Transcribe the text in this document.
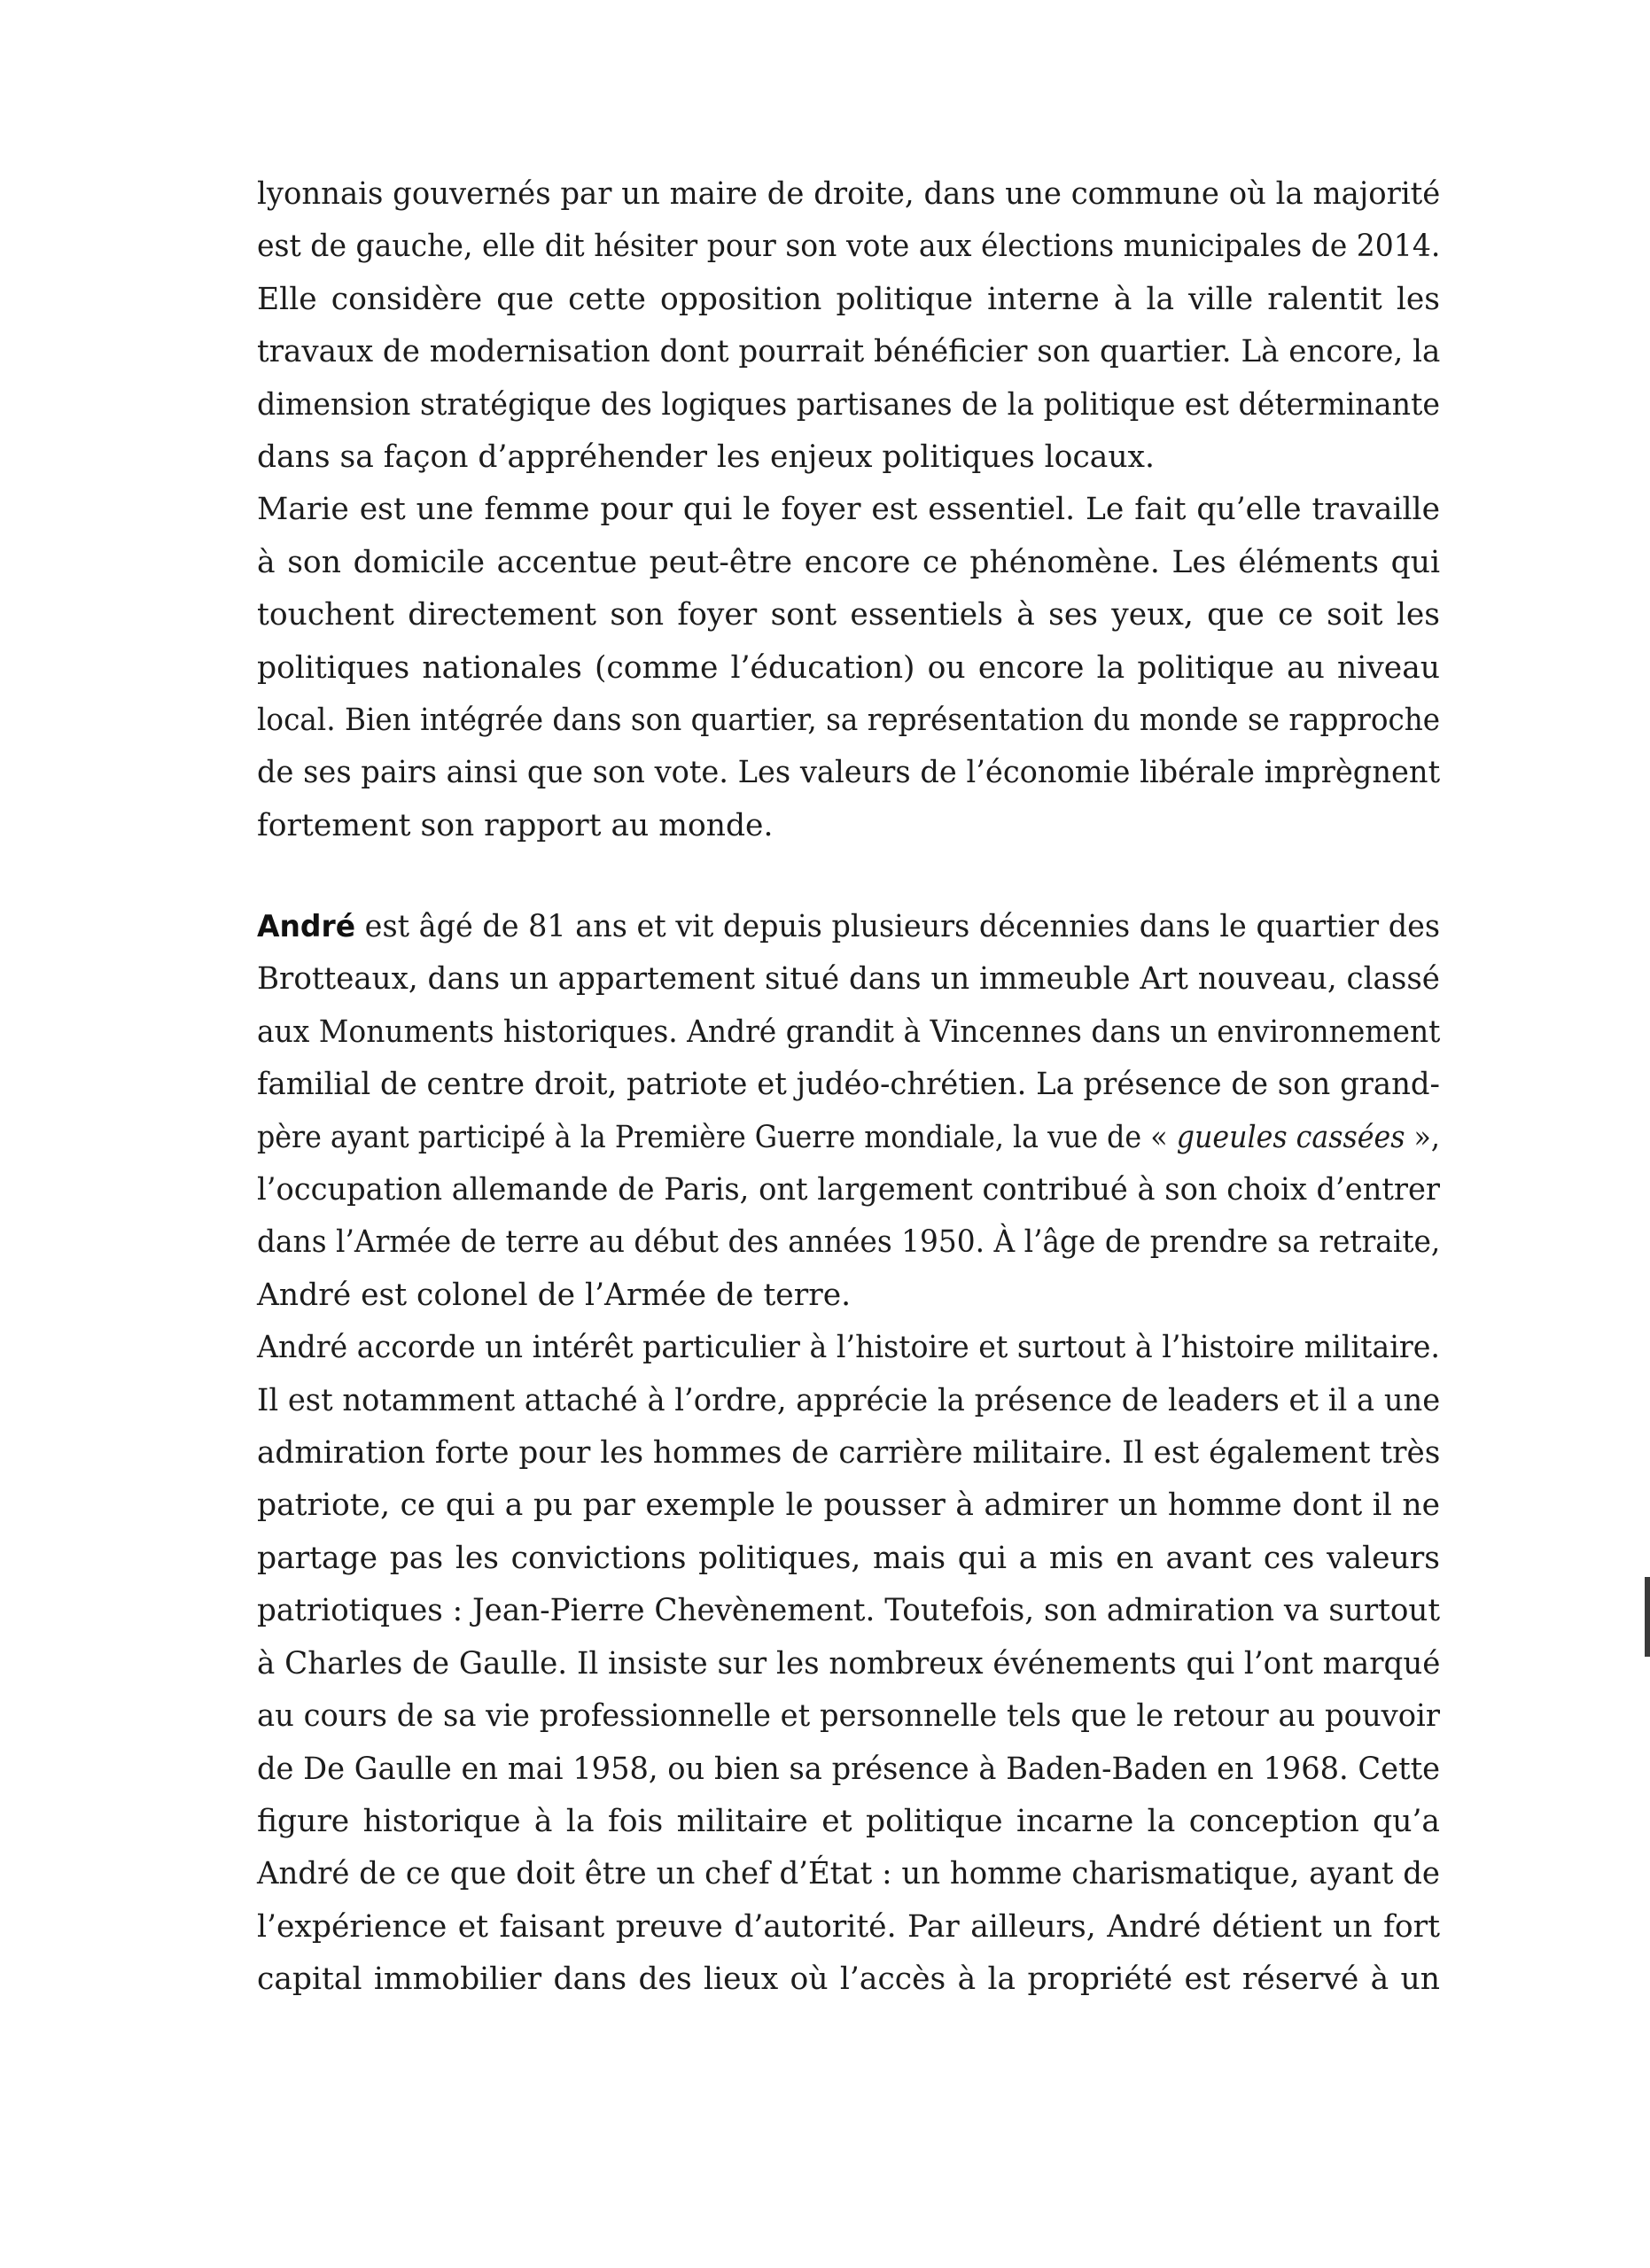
lyonnais gouvernés par un maire de droite, dans une commune où la majorité
est de gauche, elle dit hésiter pour son vote aux élections municipales de 2014.
Elle considère que cette opposition politique interne à la ville ralentit les
travaux de modernisation dont pourrait bénéficier son quartier. Là encore, la
dimension stratégique des logiques partisanes de la politique est déterminante
dans sa façon d’appréhender les enjeux politiques locaux.
Marie est une femme pour qui le foyer est essentiel. Le fait qu’elle travaille
à son domicile accentue peut-être encore ce phénomène. Les éléments qui
touchent directement son foyer sont essentiels à ses yeux, que ce soit les
politiques nationales (comme l’éducation) ou encore la politique au niveau
local. Bien intégrée dans son quartier, sa représentation du monde se rapproche
de ses pairs ainsi que son vote. Les valeurs de l’économie libérale imprègnent
fortement son rapport au monde.
André est âgé de 81 ans et vit depuis plusieurs décennies dans le quartier des
Brotteaux, dans un appartement situé dans un immeuble Art nouveau, classé
aux Monuments historiques. André grandit à Vincennes dans un environnement
familial de centre droit, patriote et judéo-chrétien. La présence de son grand-
père ayant participé à la Première Guerre mondiale, la vue de « gueules cassées »,
l’occupation allemande de Paris, ont largement contribué à son choix d’entrer
dans l’Armée de terre au début des années 1950. À l’âge de prendre sa retraite,
André est colonel de l’Armée de terre.
André accorde un intérêt particulier à l’histoire et surtout à l’histoire militaire.
Il est notamment attaché à l’ordre, apprécie la présence de leaders et il a une
admiration forte pour les hommes de carrière militaire. Il est également très
patriote, ce qui a pu par exemple le pousser à admirer un homme dont il ne
partage pas les convictions politiques, mais qui a mis en avant ces valeurs
patriotiques : Jean-Pierre Chevènement. Toutefois, son admiration va surtout
à Charles de Gaulle. Il insiste sur les nombreux événements qui l’ont marqué
au cours de sa vie professionnelle et personnelle tels que le retour au pouvoir
de De Gaulle en mai 1958, ou bien sa présence à Baden-Baden en 1968. Cette
figure historique à la fois militaire et politique incarne la conception qu’a
André de ce que doit être un chef d’État : un homme charismatique, ayant de
l’expérience et faisant preuve d’autorité. Par ailleurs, André détient un fort
capital immobilier dans des lieux où l’accès à la propriété est réservé à un
